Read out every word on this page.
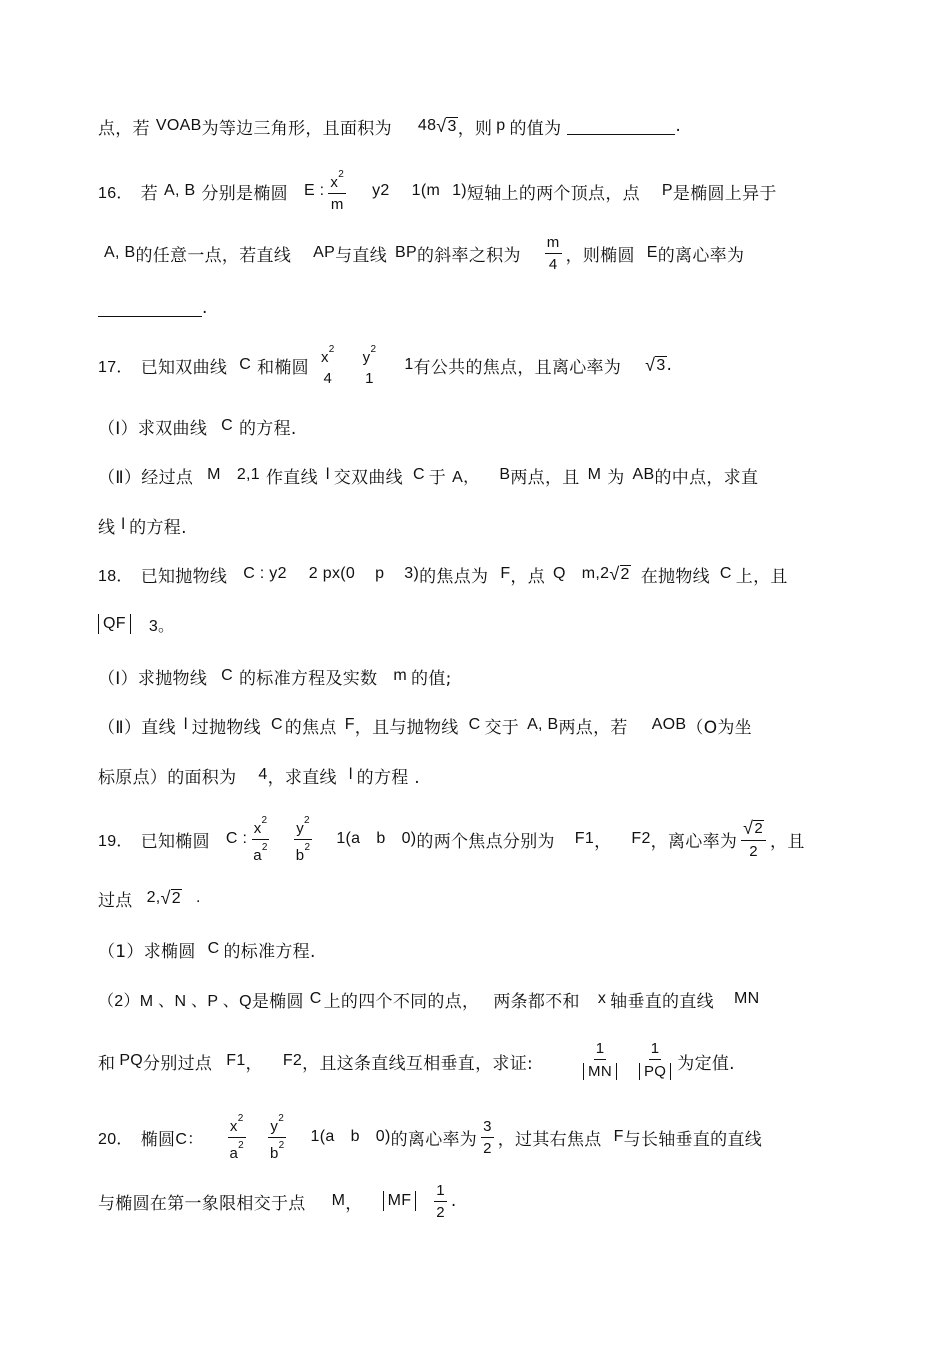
点，若 VOAB 为等边三角形，且面积为 48 √ 3 ，则 p 的值为	.
16． 若 A, B 分别是椭圆 E : $\frac{x^2}{m}$ y 2 1(m 1) 短轴上的两个顶点，点 P 是椭圆上异于
A, B 的任意一点，若直线 AP 与直线 BP 的斜率之积为 $\frac{m}{4}$ ，则椭圆 E 的离心率为
.
17． 已知双曲线 C 和椭圆
$x^2$
4
$y^2$
1
1 有公共的焦点，且离心率为 √ 3 .
（Ⅰ）求双曲线 C 的方程.
（Ⅱ）经过点 M 2,1 作直线 l 交双曲线 C 于 A， B 两点，且 M 为 AB 的中点，求直
线 l 的方程.
18． 已知抛物线 C : y 2 2 px(0 p 3) 的焦点为 F ，点 Q m,2 √ 2 在抛物线 C 上，且
QF	3。
（Ⅰ）求抛物线 C 的标准方程及实数 m 的值;
（Ⅱ）直线 l 过抛物线 C 的焦点 F ，且与抛物线 C 交于 A, B 两点，若 AOB （O为坐
标原点）的面积为 4 ，求直线 l 的方程 .
19． 已知椭圆 C : $\frac{x^2}{a^2} \frac{y^2}{b^2} 1(a$ b 0) 的两个焦点分别为 F 1 ， F 2 ，离心率为 $\frac{√ 2}{2}$ ，且
过点 2, √ 2 .
（1）求椭圆 C 的标准方程.
（2）M 、N 、P 、Q 是椭圆 C 上的四个不同的点， 两条都不和 x 轴垂直的直线 MN
和 PQ 分别过点 F 1 ， F 2 ，且这条直线互相垂直，求证:	$\frac{1}{MN} \frac{1}{PQ}$ 为定值.
20． 椭圆 C： $\frac{x^2}{a^2} \frac{y^2}{b^2} 1(a$ b 0) 的离心率为 $\frac{3}{2}$ ，过其右焦点 F 与长轴垂直的直线
与椭圆在第一象限相交于点 M ，	MF	$\frac{1}{2}$ .
